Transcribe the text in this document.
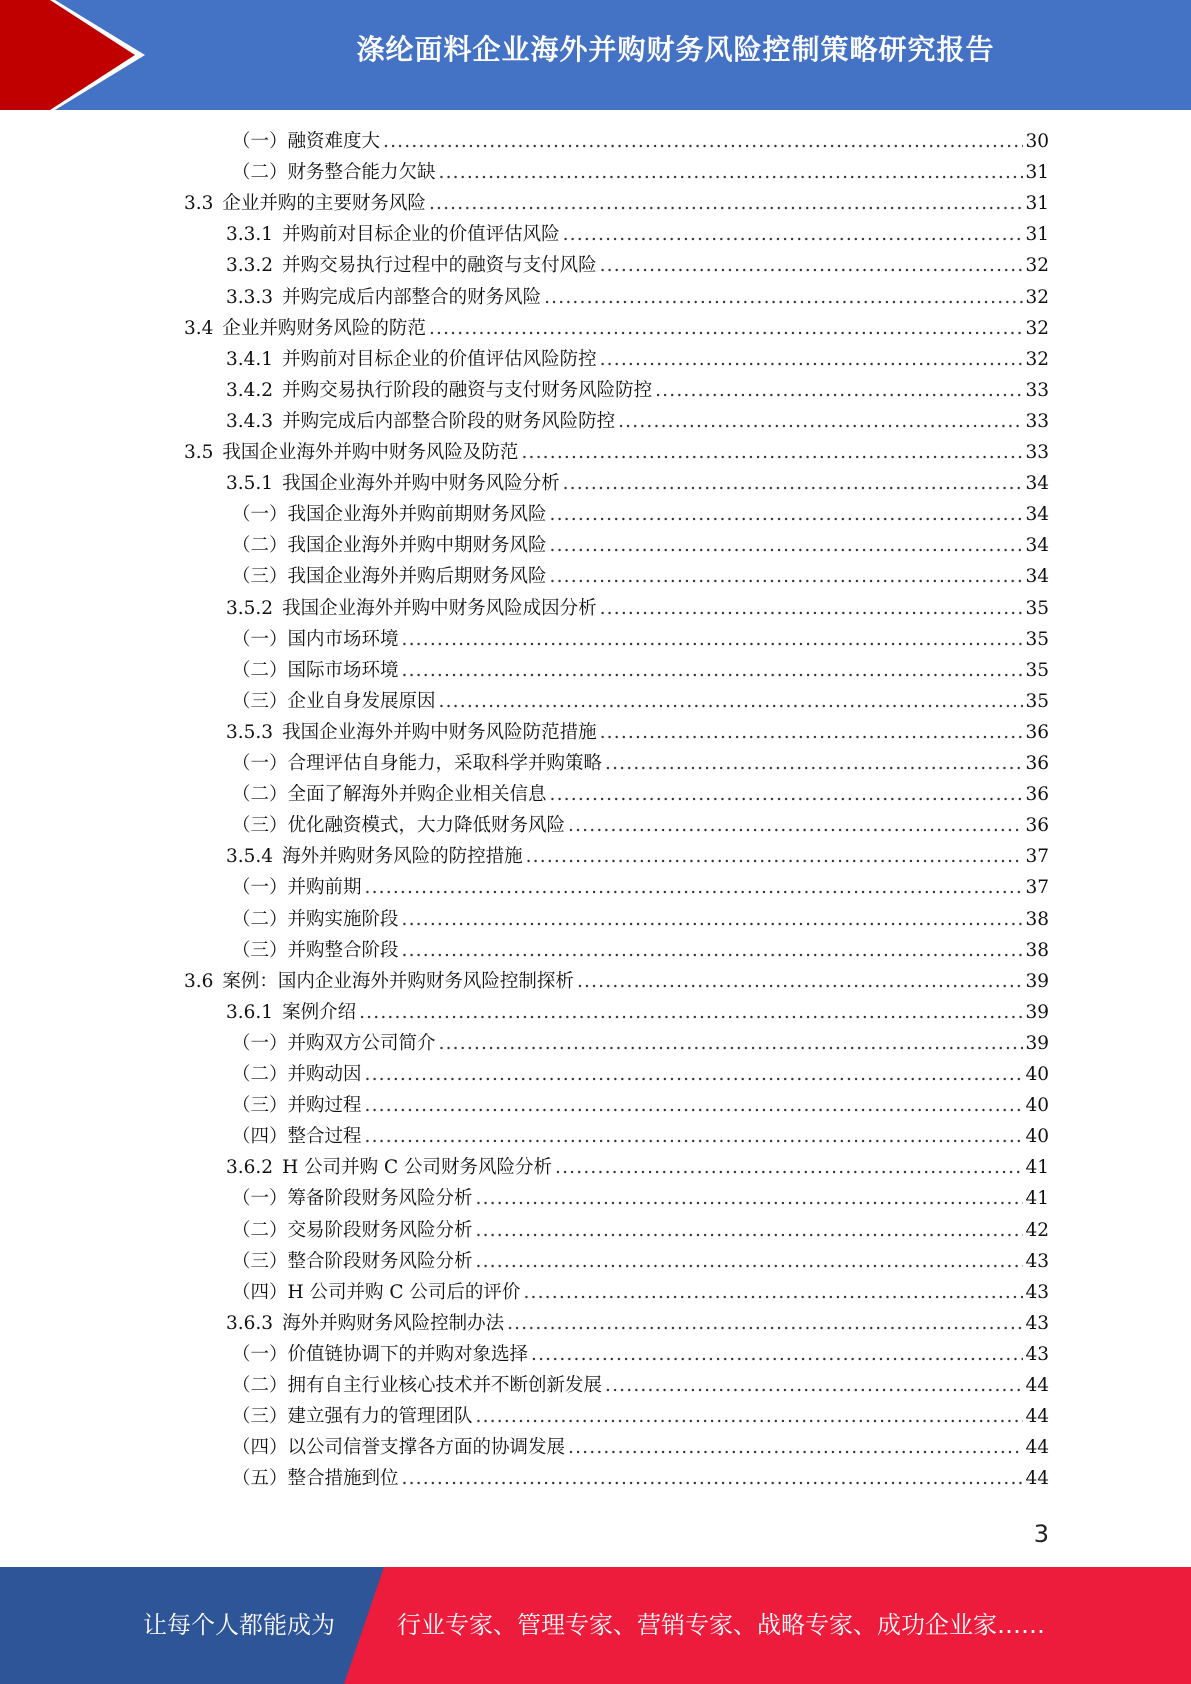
涤纶面料企业海外并购财务风险控制策略研究报告
（一）融资难度大 .....	30
（二）财务整合能力欠缺 .....	31
3.3 企业并购的主要财务风险 .....	31
3.3.1 并购前对目标企业的价值评估风险 .....	31
3.3.2 并购交易执行过程中的融资与支付风险 .....	32
3.3.3 并购完成后内部整合的财务风险 .....	32
3.4 企业并购财务风险的防范 .....	32
3.4.1 并购前对目标企业的价值评估风险防控 .....	32
3.4.2 并购交易执行阶段的融资与支付财务风险防控 .....	33
3.4.3 并购完成后内部整合阶段的财务风险防控 .....	33
3.5 我国企业海外并购中财务风险及防范 .....	33
3.5.1 我国企业海外并购中财务风险分析 .....	34
（一）我国企业海外并购前期财务风险 .....	34
（二）我国企业海外并购中期财务风险 .....	34
（三）我国企业海外并购后期财务风险 .....	34
3.5.2 我国企业海外并购中财务风险成因分析 .....	35
（一）国内市场环境 .....	35
（二）国际市场环境 .....	35
（三）企业自身发展原因 .....	35
3.5.3 我国企业海外并购中财务风险防范措施 .....	36
（一）合理评估自身能力，采取科学并购策略 .....	36
（二）全面了解海外并购企业相关信息 .....	36
（三）优化融资模式，大力降低财务风险 .....	36
3.5.4 海外并购财务风险的防控措施 .....	37
（一）并购前期 .....	37
（二）并购实施阶段 .....	38
（三）并购整合阶段 .....	38
3.6 案例：国内企业海外并购财务风险控制探析 .....	39
3.6.1 案例介绍 .....	39
（一）并购双方公司简介 .....	39
（二）并购动因 .....	40
（三）并购过程 .....	40
（四）整合过程 .....	40
3.6.2 H 公司并购 C 公司财务风险分析 .....	41
（一）筹备阶段财务风险分析 .....	41
（二）交易阶段财务风险分析 .....	42
（三）整合阶段财务风险分析 .....	43
（四）H 公司并购 C 公司后的评价 .....	43
3.6.3 海外并购财务风险控制办法 .....	43
（一）价值链协调下的并购对象选择 .....	43
（二）拥有自主行业核心技术并不断创新发展 .....	44
（三）建立强有力的管理团队 .....	44
（四）以公司信誉支撑各方面的协调发展 .....	44
（五）整合措施到位 .....	44
3
让每个人都能成为	行业专家、管理专家、营销专家、战略专家、成功企业家……
